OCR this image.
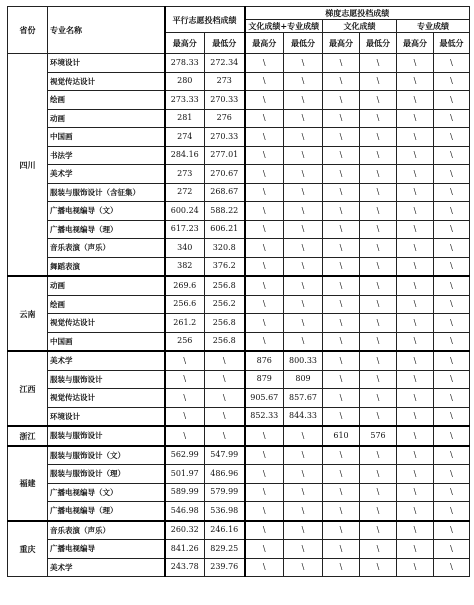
省份	专业名称	平行志愿投档成绩		梯度志愿投档成绩					
				文化成绩+专业成绩		文化成绩		专业成绩	
		最高分	最低分	最高分	最低分	最高分	最低分	最高分	最低分
四川	环境设计	278.33	272.34	\	\	\	\	\	\
	视觉传达设计	280	273	\	\	\	\	\	\
	绘画	273.33	270.33	\	\	\	\	\	\
	动画	281	276	\	\	\	\	\	\
	中国画	274	270.33	\	\	\	\	\	\
	书法学	284.16	277.01	\	\	\	\	\	\
	美术学	273	270.67	\	\	\	\	\	\
	服装与服饰设计（含征集）	272	268.67	\	\	\	\	\	\
	广播电视编导（文）	600.24	588.22	\	\	\	\	\	\
	广播电视编导（理）	617.23	606.21	\	\	\	\	\	\
	音乐表演（声乐）	340	320.8	\	\	\	\	\	\
	舞蹈表演	382	376.2	\	\	\	\	\	\
云南	动画	269.6	256.8	\	\	\	\	\	\
	绘画	256.6	256.2	\	\	\	\	\	\
	视觉传达设计	261.2	256.8	\	\	\	\	\	\
	中国画	256	256.8	\	\	\	\	\	\
江西	美术学	\	\	876	800.33	\	\	\	\
	服装与服饰设计	\	\	879	809	\	\	\	\
	视觉传达设计	\	\	905.67	857.67	\	\	\	\
	环境设计	\	\	852.33	844.33	\	\	\	\
浙江	服装与服饰设计	\	\	\	\	610	576	\	\
福建	服装与服饰设计（文）	562.99	547.99	\	\	\	\	\	\
	服装与服饰设计（理）	501.97	486.96	\	\	\	\	\	\
	广播电视编导（文）	589.99	579.99	\	\	\	\	\	\
	广播电视编导（理）	546.98	536.98	\	\	\	\	\	\
重庆	音乐表演（声乐）	260.32	246.16	\	\	\	\	\	\
	广播电视编导	841.26	829.25	\	\	\	\	\	\
	美术学	243.78	239.76	\	\	\	\	\	\
